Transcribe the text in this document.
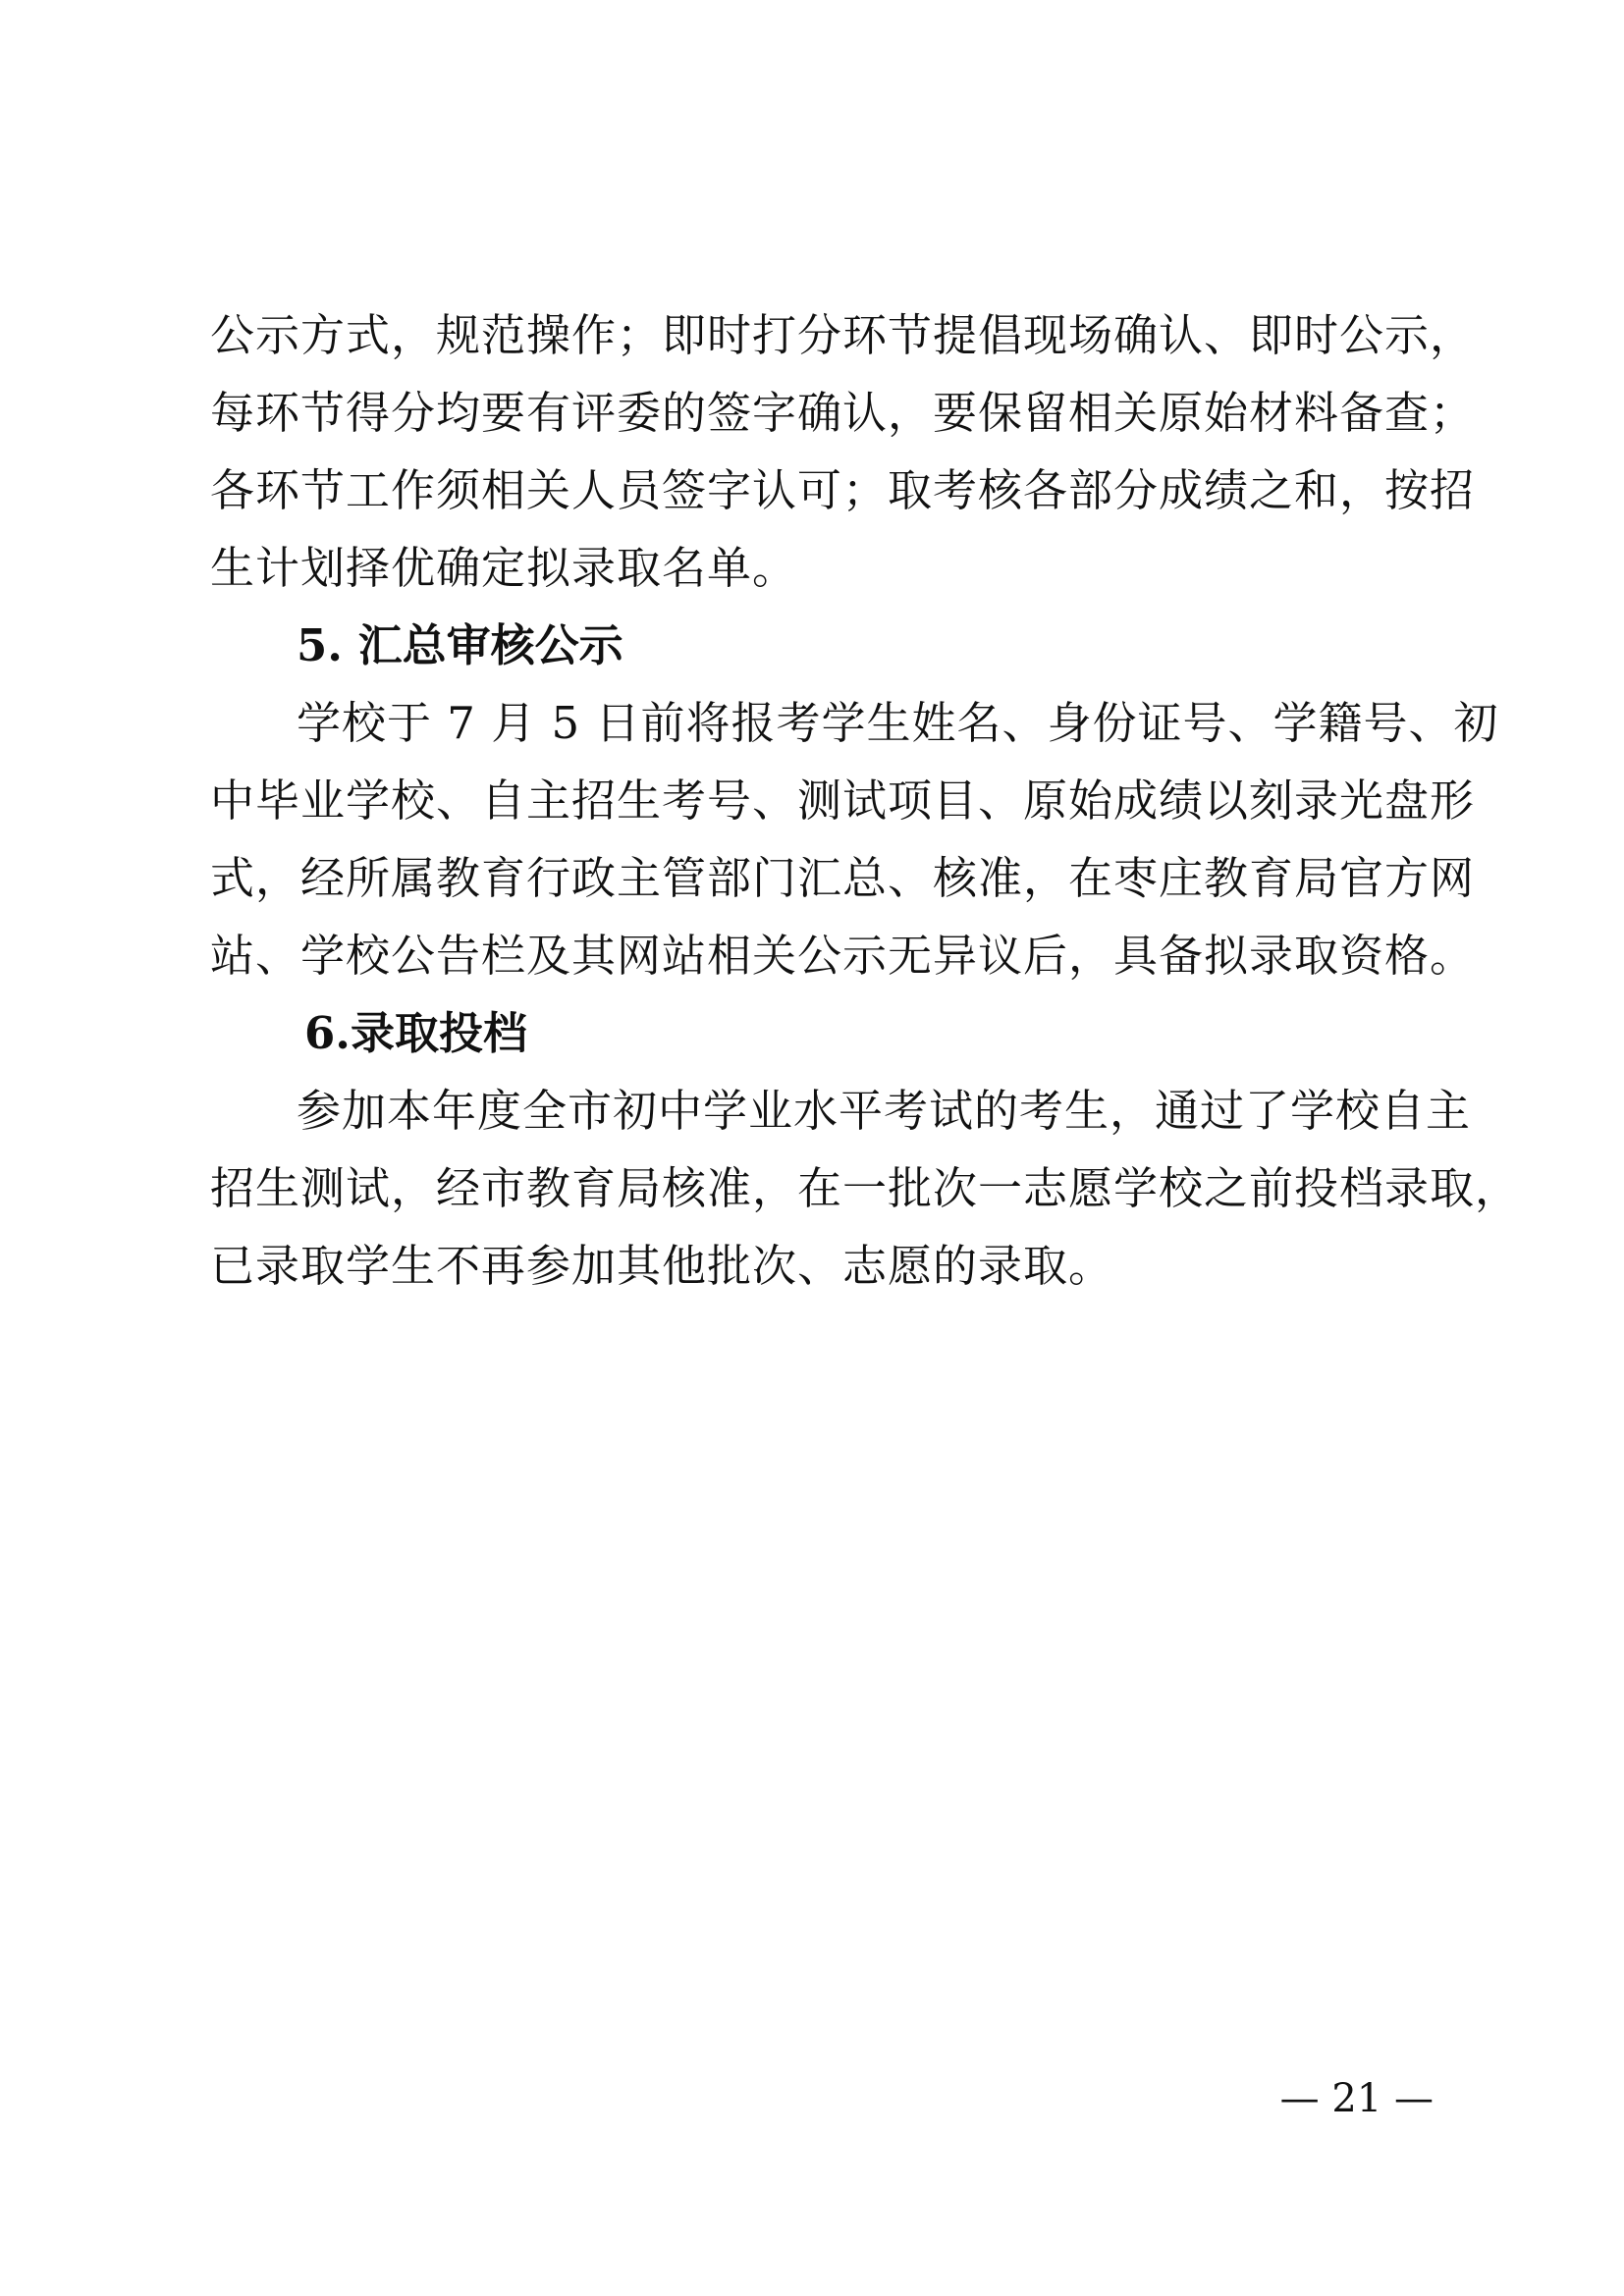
公示方式，规范操作；即时打分环节提倡现场确认、即时公示，
每环节得分均要有评委的签字确认，要保留相关原始材料备查；
各环节工作须相关人员签字认可；取考核各部分成绩之和，按招
生计划择优确定拟录取名单。
5. 汇总审核公示
学校于 7 月 5 日前将报考学生姓名、身份证号、学籍号、初
中毕业学校、自主招生考号、测试项目、原始成绩以刻录光盘形
式，经所属教育行政主管部门汇总、核准，在枣庄教育局官方网
站、学校公告栏及其网站相关公示无异议后，具备拟录取资格。
6.录取投档
参加本年度全市初中学业水平考试的考生，通过了学校自主
招生测试，经市教育局核准，在一批次一志愿学校之前投档录取，
已录取学生不再参加其他批次、志愿的录取。
— 21 —
